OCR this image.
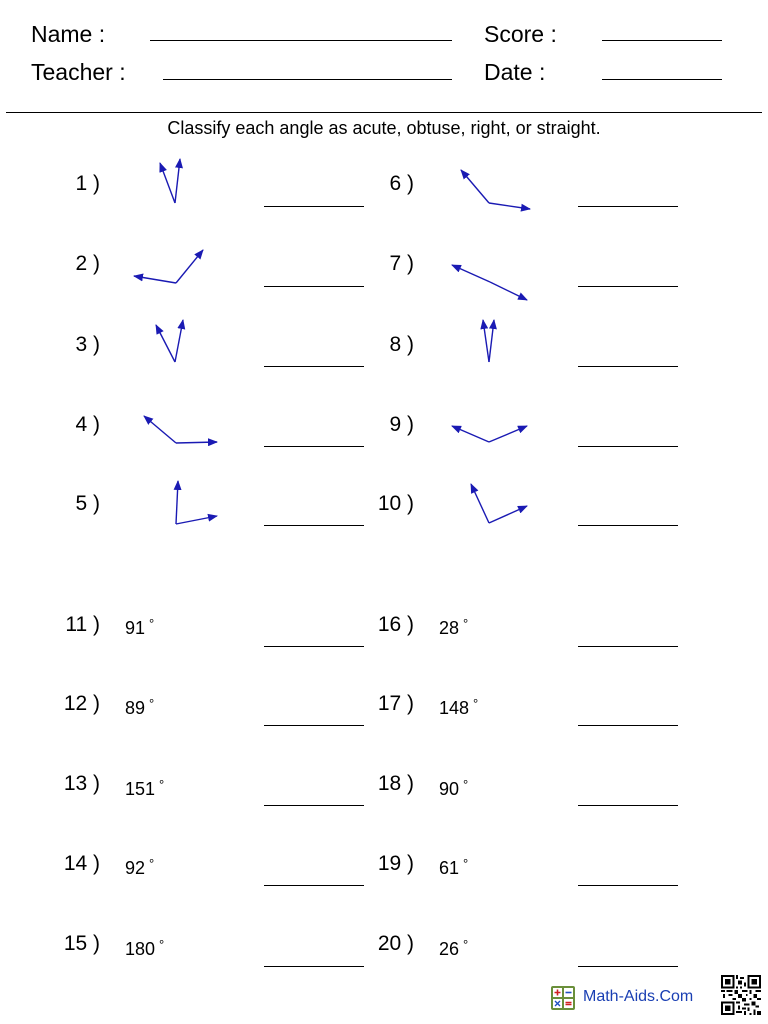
Name :	Score :
Teacher :	Date :
Classify each angle as acute, obtuse, right, or straight.
1 )
2 )
3 )
4 )
5 )
6 )
7 )
8 )
9 )
10 )
11 ) 91 °
12 ) 89 °
13 ) 151 °
14 ) 92 °
15 ) 180 °
16 ) 28 °
17 ) 148 °
18 ) 90 °
19 ) 61 °
20 ) 26 °
Math-Aids.Com
